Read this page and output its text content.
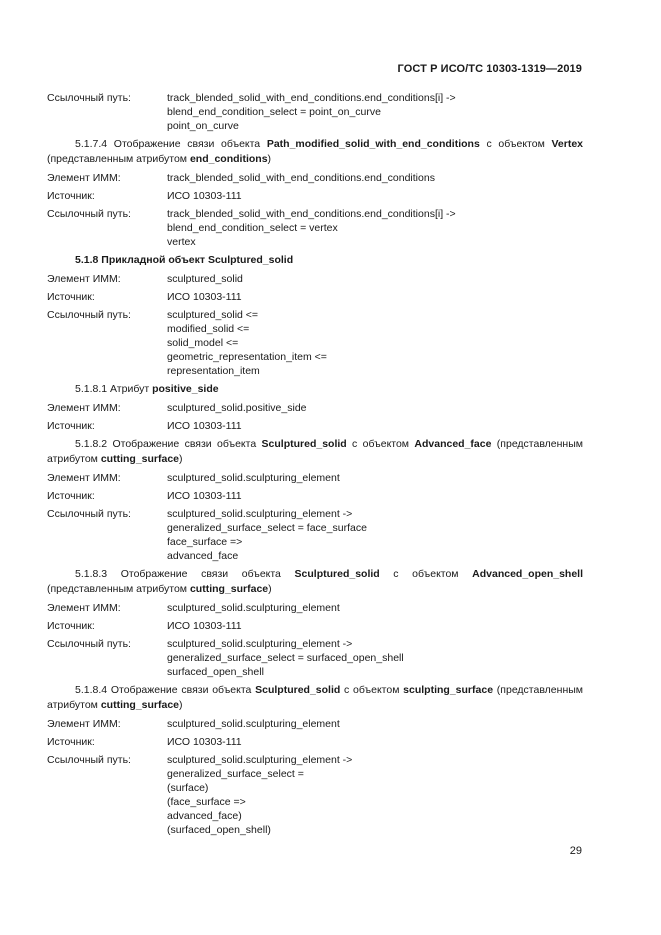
ГОСТ Р ИСО/ТС 10303-1319—2019
Ссылочный путь:	track_blended_solid_with_end_conditions.end_conditions[i] ->
blend_end_condition_select = point_on_curve
point_on_curve
5.1.7.4 Отображение связи объекта Path_modified_solid_with_end_conditions с объектом Vertex (представленным атрибутом end_conditions)
Элемент ИММ:	track_blended_solid_with_end_conditions.end_conditions
Источник:	ИСО 10303-111
Ссылочный путь:	track_blended_solid_with_end_conditions.end_conditions[i] ->
blend_end_condition_select = vertex
vertex
5.1.8 Прикладной объект Sculptured_solid
Элемент ИММ:	sculptured_solid
Источник:	ИСО 10303-111
Ссылочный путь:	sculptured_solid <=
modified_solid <=
solid_model <=
geometric_representation_item <=
representation_item
5.1.8.1 Атрибут positive_side
Элемент ИММ:	sculptured_solid.positive_side
Источник:	ИСО 10303-111
5.1.8.2 Отображение связи объекта Sculptured_solid с объектом Advanced_face (представленным атрибутом cutting_surface)
Элемент ИММ:	sculptured_solid.sculpturing_element
Источник:	ИСО 10303-111
Ссылочный путь:	sculptured_solid.sculpturing_element ->
generalized_surface_select = face_surface
face_surface =>
advanced_face
5.1.8.3 Отображение связи объекта Sculptured_solid с объектом Advanced_open_shell (представленным атрибутом cutting_surface)
Элемент ИММ:	sculptured_solid.sculpturing_element
Источник:	ИСО 10303-111
Ссылочный путь:	sculptured_solid.sculpturing_element ->
generalized_surface_select = surfaced_open_shell
surfaced_open_shell
5.1.8.4 Отображение связи объекта Sculptured_solid с объектом sculpting_surface (представленным атрибутом cutting_surface)
Элемент ИММ:	sculptured_solid.sculpturing_element
Источник:	ИСО 10303-111
Ссылочный путь:	sculptured_solid.sculpturing_element ->
generalized_surface_select =
(surface)
(face_surface =>
advanced_face)
(surfaced_open_shell)
29
